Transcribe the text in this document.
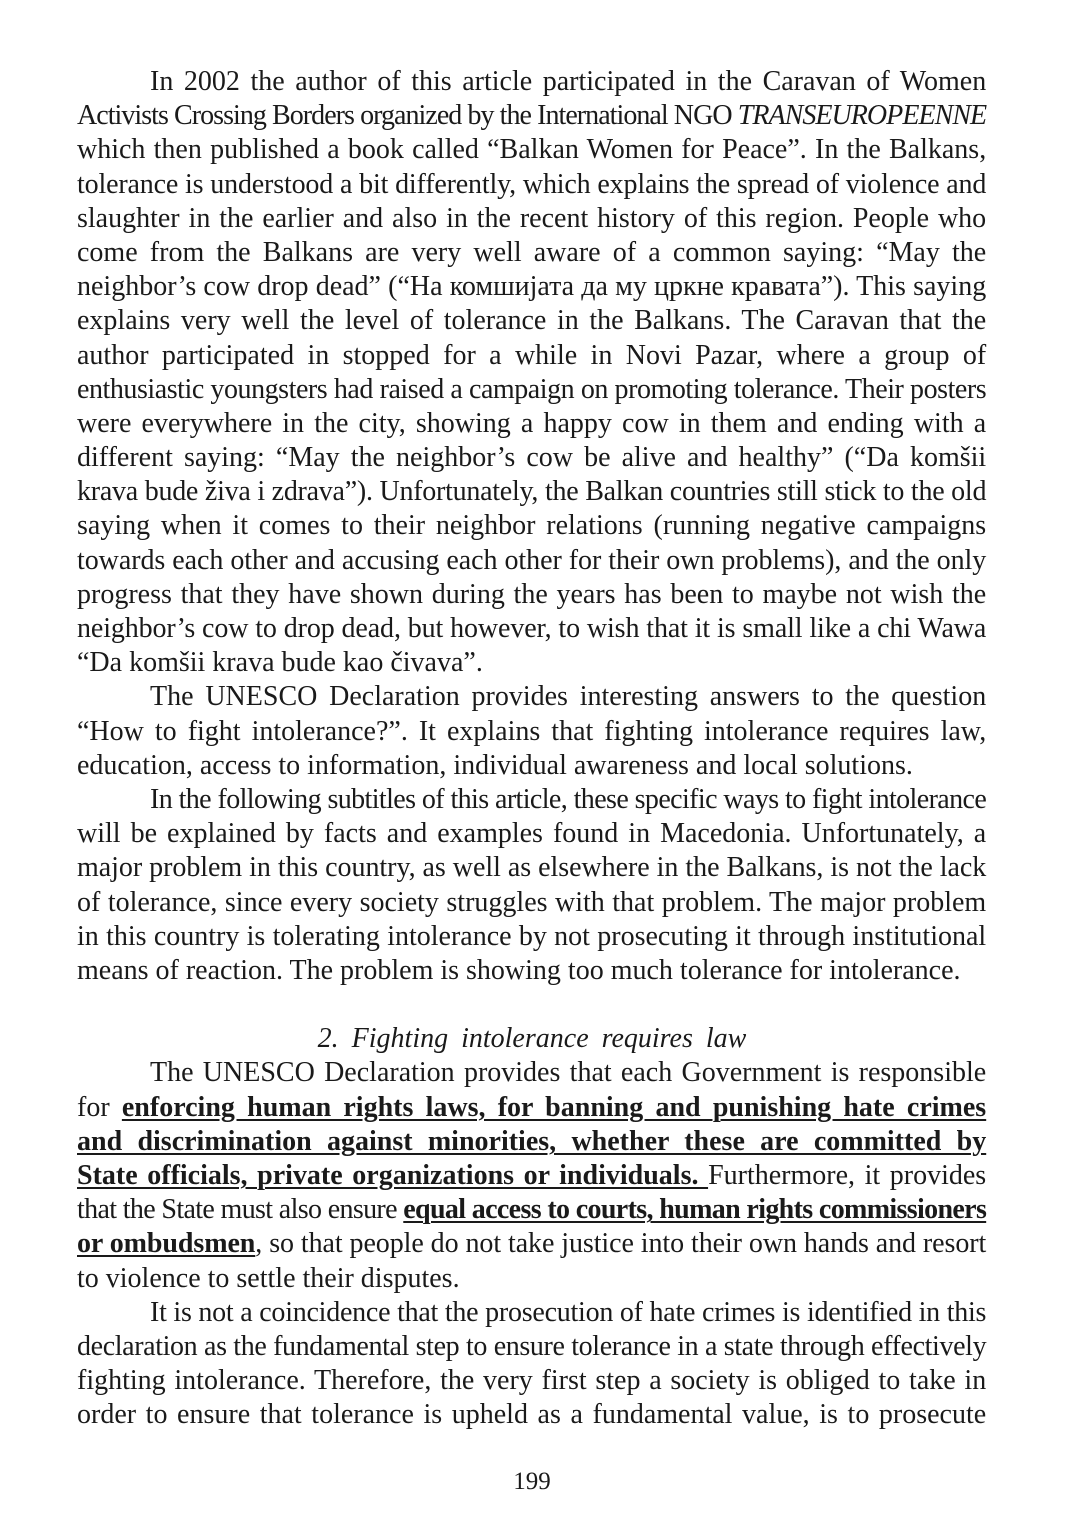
In 2002 the author of this article participated in the Caravan of Women
Activists Crossing Borders organized by the International NGO TRANSEUROPEENNE
which then published a book called “Balkan Women for Peace”. In the Balkans,
tolerance is understood a bit differently, which explains the spread of violence and
slaughter in the earlier and also in the recent history of this region. People who
come from the Balkans are very well aware of a common saying: “May the
neighbor’s cow drop dead” (“На комшијата да му цркне кравата”). This saying
explains very well the level of tolerance in the Balkans. The Caravan that the
author participated in stopped for a while in Novi Pazar, where a group of
enthusiastic youngsters had raised a campaign on promoting tolerance. Their posters
were everywhere in the city, showing a happy cow in them and ending with a
different saying: “May the neighbor’s cow be alive and healthy” (“Da komšii
krava bude živa i zdrava”). Unfortunately, the Balkan countries still stick to the old
saying when it comes to their neighbor relations (running negative campaigns
towards each other and accusing each other for their own problems), and the only
progress that they have shown during the years has been to maybe not wish the
neighbor’s cow to drop dead, but however, to wish that it is small like a chi Wawa
“Da komšii krava bude kao čivava”.
The UNESCO Declaration provides interesting answers to the question
“How to fight intolerance?”. It explains that fighting intolerance requires law,
education, access to information, individual awareness and local solutions.
In the following subtitles of this article, these specific ways to fight intolerance
will be explained by facts and examples found in Macedonia. Unfortunately, a
major problem in this country, as well as elsewhere in the Balkans, is not the lack
of tolerance, since every society struggles with that problem. The major problem
in this country is tolerating intolerance by not prosecuting it through institutional
means of reaction. The problem is showing too much tolerance for intolerance.
2. Fighting intolerance requires law
The UNESCO Declaration provides that each Government is responsible
for enforcing human rights laws, for banning and punishing hate crimes
and discrimination against minorities, whether these are committed by
State officials, private organizations or individuals. Furthermore, it provides
that the State must also ensure equal access to courts, human rights commissioners
or ombudsmen, so that people do not take justice into their own hands and resort
to violence to settle their disputes.
It is not a coincidence that the prosecution of hate crimes is identified in this
declaration as the fundamental step to ensure tolerance in a state through effectively
fighting intolerance. Therefore, the very first step a society is obliged to take in
order to ensure that tolerance is upheld as a fundamental value, is to prosecute
199
